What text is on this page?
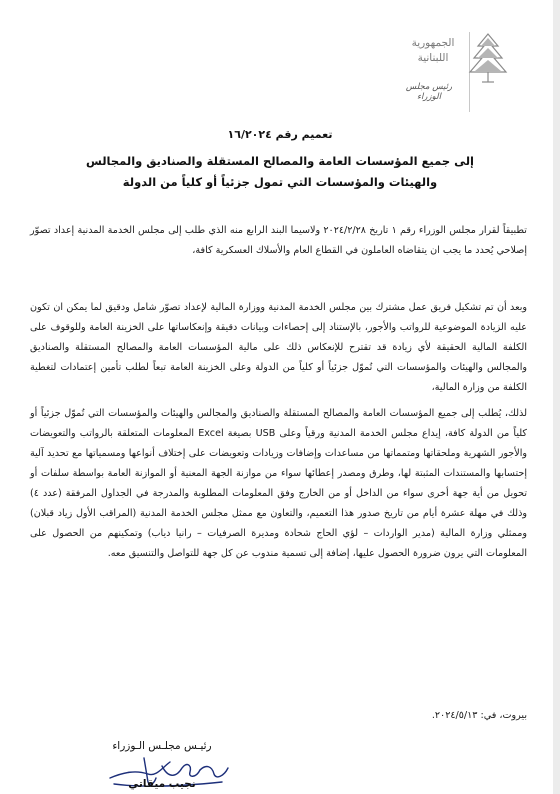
الجمهورية اللبنانية
رئيس مجلس الوزراء
تعميم رقم ١٦/٢٠٢٤
إلى جميع المؤسسات العامة والمصالح المستقلة والصناديق والمجالس
والهيئات والمؤسسات التي تمول جزئياً أو كلياً من الدولة
تطبيقاً لقرار مجلس الوزراء رقم ١ تاريخ ٢٠٢٤/٢/٢٨ ولاسيما البند الرابع منه الذي طلب إلى مجلس الخدمة المدنية إعداد تصوّر إصلاحي يُحدد ما يجب ان يتقاضاه العاملون في القطاع العام والأسلاك العسكرية كافة،
وبعد أن تم تشكيل فريق عمل مشترك بين مجلس الخدمة المدنية ووزارة المالية لإعداد تصوّر شامل ودقيق لما يمكن ان تكون عليه الزيادة الموضوعية للرواتب والأجور، بالإستناد إلى إحصاءات وبيانات دقيقة وإنعكاساتها على الخزينة العامة وللوقوف على الكلفة المالية الحقيقة لأي زيادة قد تقترح للإنعكاس ذلك على مالية المؤسسات العامة والمصالح المستقلة والصناديق والمجالس والهيئات والمؤسسات التي تُموّل جزئياً أو كلياً من الدولة وعلى الخزينة العامة تبعاً لطلب تأمين إعتمادات لتغطية الكلفة من وزارة المالية،
لذلك، يُطلب إلى جميع المؤسسات العامة والمصالح المستقلة والصناديق والمجالس والهيئات والمؤسسات التي تُموّل جزئياً أو كلياً من الدولة كافة، إيداع مجلس الخدمة المدنية ورقياً وعلى USB بصيغة Excel المعلومات المتعلقة بالرواتب والتعويضات والأجور الشهرية وملحقاتها ومتمماتها من مساعدات وإضافات وزيادات وتعويضات على إختلاف أنواعها ومسمياتها مع تحديد آلية إحتسابها والمستندات المثبتة لها، وطرق ومصدر إعطائها سواء من موازنة الجهة المعنية أو الموازنة العامة بواسطة سلفات أو تحويل من أية جهة أخرى سواء من الداخل أو من الخارج وفق المعلومات المطلوبة والمدرجة في الجداول المرفقة (عدد ٤) وذلك في مهلة عشرة أيام من تاريخ صدور هذا التعميم، والتعاون مع ممثل مجلس الخدمة المدنية (المراقب الأول زياد قبلان) وممثلي وزارة المالية (مدير الواردات – لؤي الحاج شحادة ومديرة الصرفيات – رانيا دياب) وتمكينهم من الحصول على المعلومات التي يرون ضرورة الحصول عليها، إضافة إلى تسمية مندوب عن كل جهة للتواصل والتنسيق معه.
بيروت، في: ٢٠٢٤/٥/١٣.
رئيـس مجلـس الـوزراء
نجيب ميقاتي
